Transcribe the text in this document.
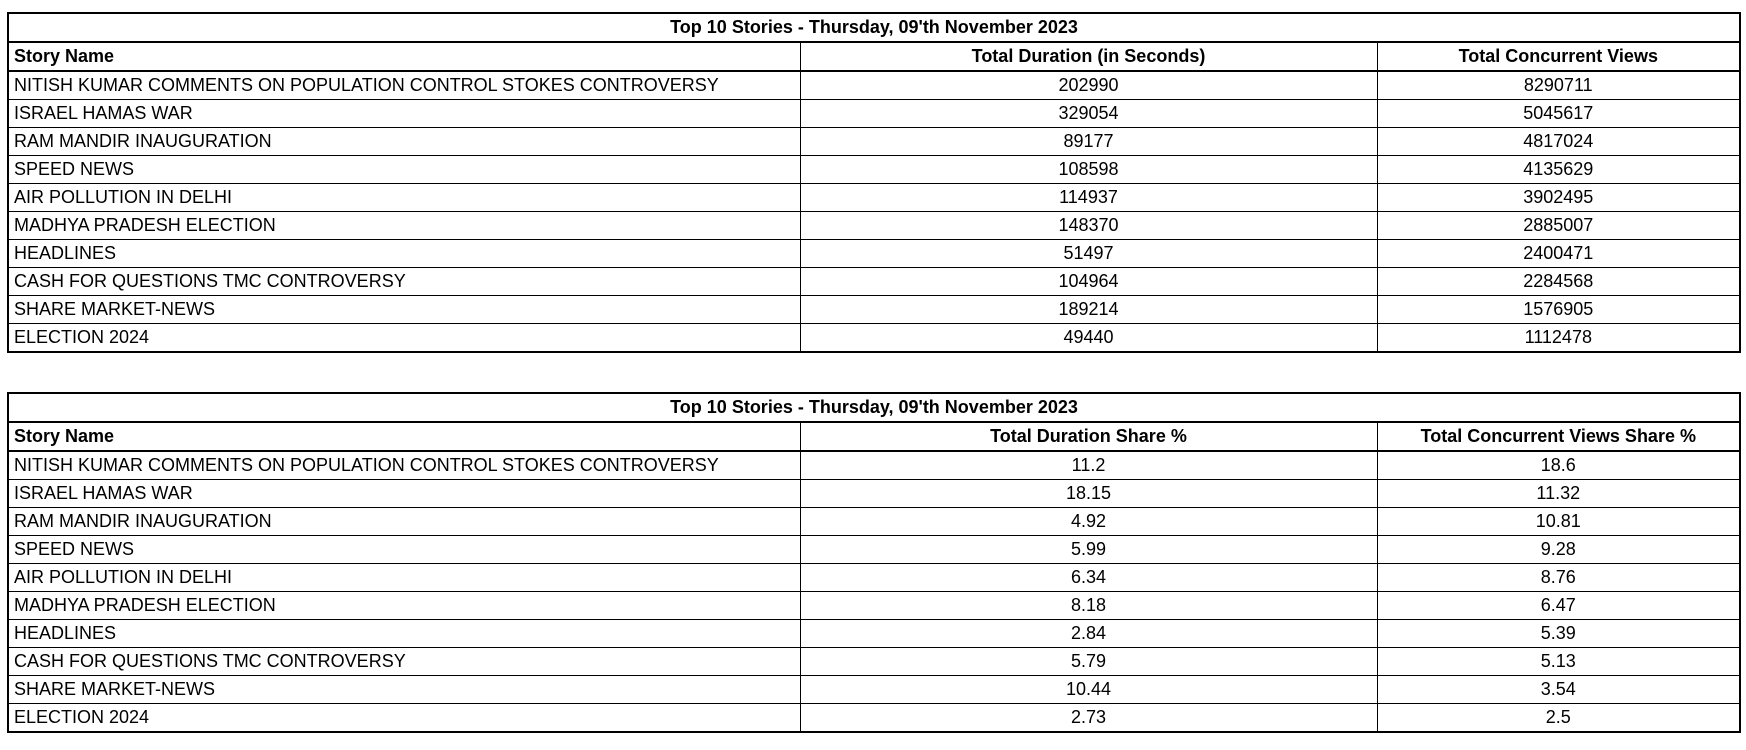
Top 10 Stories - Thursday, 09'th November 2023		
Story Name	Total Duration (in Seconds)	Total Concurrent Views
NITISH KUMAR COMMENTS ON POPULATION CONTROL STOKES CONTROVERSY	202990	8290711
ISRAEL HAMAS WAR	329054	5045617
RAM MANDIR INAUGURATION	89177	4817024
SPEED NEWS	108598	4135629
AIR POLLUTION IN DELHI	114937	3902495
MADHYA PRADESH ELECTION	148370	2885007
HEADLINES	51497	2400471
CASH FOR QUESTIONS TMC CONTROVERSY	104964	2284568
SHARE MARKET-NEWS	189214	1576905
ELECTION 2024	49440	1112478
Top 10 Stories - Thursday, 09'th November 2023		
Story Name	Total Duration Share %	Total Concurrent Views Share %
NITISH KUMAR COMMENTS ON POPULATION CONTROL STOKES CONTROVERSY	11.2	18.6
ISRAEL HAMAS WAR	18.15	11.32
RAM MANDIR INAUGURATION	4.92	10.81
SPEED NEWS	5.99	9.28
AIR POLLUTION IN DELHI	6.34	8.76
MADHYA PRADESH ELECTION	8.18	6.47
HEADLINES	2.84	5.39
CASH FOR QUESTIONS TMC CONTROVERSY	5.79	5.13
SHARE MARKET-NEWS	10.44	3.54
ELECTION 2024	2.73	2.5
